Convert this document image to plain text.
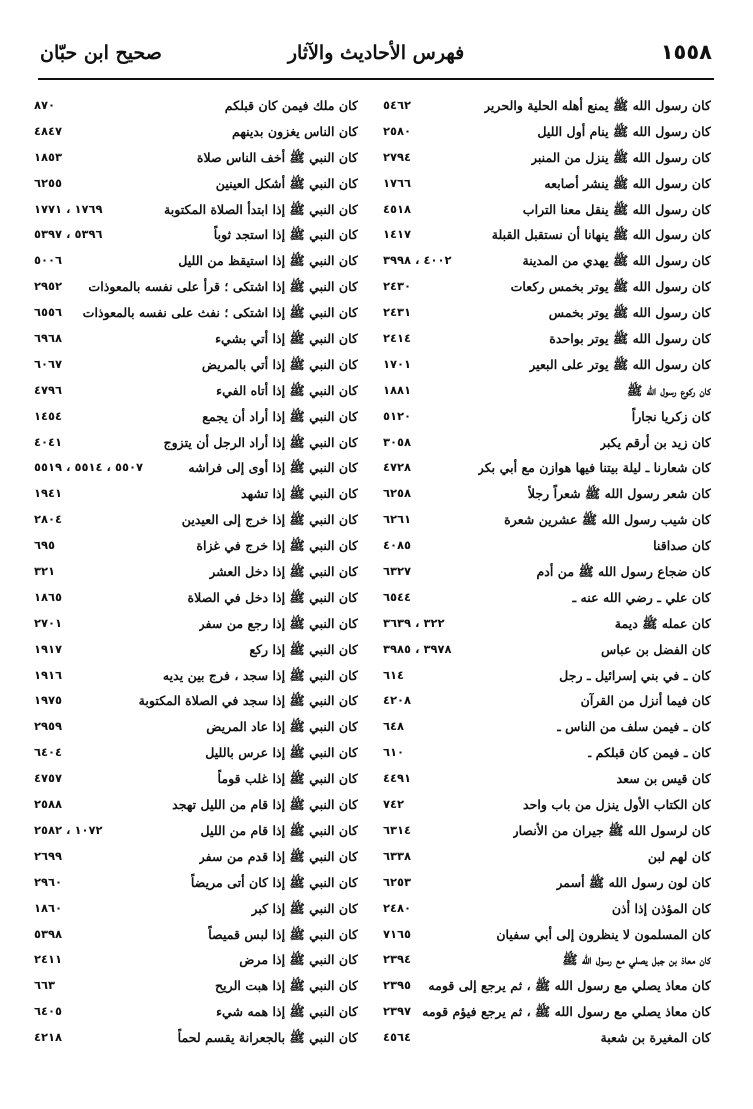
١٥٥٨
فهرس الأحاديث والآثار
صحيح ابن حبّان
كان رسول الله ﷺ يمنع أهله الحلية والحرير
٥٤٦٢
كان رسول الله ﷺ ينام أول الليل
٢٥٨٠
كان رسول الله ﷺ ينزل من المنبر
٢٧٩٤
كان رسول الله ﷺ ينشر أصابعه
١٧٦٦
كان رسول الله ﷺ ينقل معنا التراب
٤٥١٨
كان رسول الله ﷺ ينهانا أن نستقبل القبلة
١٤١٧
كان رسول الله ﷺ يهدي من المدينة
٤٠٠٢ ، ٣٩٩٨
كان رسول الله ﷺ يوتر بخمس ركعات
٢٤٣٠
كان رسول الله ﷺ يوتر بخمس
٢٤٣١
كان رسول الله ﷺ يوتر بواحدة
٢٤١٤
كان رسول الله ﷺ يوتر على البعير
١٧٠١
كان ركوع رسول الله ﷺ
١٨٨١
كان زكريا نجاراً
٥١٢٠
كان زيد بن أرقم يكبر
٣٠٥٨
كان شعارنا ـ ليلة بيتنا فيها هوازن مع أبي بكر
٤٧٢٨
كان شعر رسول الله ﷺ شعراً رجلاً
٦٢٥٨
كان شيب رسول الله ﷺ عشرين شعرة
٦٢٦١
كان صداقنا
٤٠٨٥
كان ضجاع رسول الله ﷺ من أدم
٦٣٢٧
كان علي ـ رضي الله عنه ـ
٦٥٤٤
كان عمله ﷺ ديمة
٣٢٢ ، ٣٦٣٩
كان الفضل بن عباس
٣٩٧٨ ، ٣٩٨٥
كان ـ في بني إسرائيل ـ رجل
٦١٤
كان فيما أنزل من القرآن
٤٢٠٨
كان ـ فيمن سلف من الناس ـ
٦٤٨
كان ـ فيمن كان قبلكم ـ
٦١٠
كان قيس بن سعد
٤٤٩١
كان الكتاب الأول ينزل من باب واحد
٧٤٢
كان لرسول الله ﷺ جيران من الأنصار
٦٣١٤
كان لهم لبن
٦٣٣٨
كان لون رسول الله ﷺ أسمر
٦٢٥٣
كان المؤذن إذا أذن
٢٤٨٠
كان المسلمون لا ينظرون إلى أبي سفيان
٧١٦٥
كان معاذ بن جبل يصلي مع رسول الله ﷺ
٢٣٩٤
كان معاذ يصلي مع رسول الله ﷺ ، ثم يرجع إلى قومه
٢٣٩٥
كان معاذ يصلي مع رسول الله ﷺ ، ثم يرجع فيؤم قومه
٢٣٩٧
كان المغيرة بن شعبة
٤٥٦٤
كان ملك فيمن كان قبلكم
٨٧٠
كان الناس يغزون بدينهم
٤٨٤٧
كان النبي ﷺ أخف الناس صلاة
١٨٥٣
كان النبي ﷺ أشكل العينين
٦٢٥٥
كان النبي ﷺ إذا ابتدأ الصلاة المكتوبة
١٧٦٩ ، ١٧٧١
كان النبي ﷺ إذا استجد ثوباً
٥٣٩٦ ، ٥٣٩٧
كان النبي ﷺ إذا استيقظ من الليل
٥٠٠٦
كان النبي ﷺ إذا اشتكى ؛ قرأ على نفسه بالمعوذات
٢٩٥٢
كان النبي ﷺ إذا اشتكى ؛ نفث على نفسه بالمعوذات
٦٥٥٦
كان النبي ﷺ إذا أتي بشيء
٦٩٦٨
كان النبي ﷺ إذا أتي بالمريض
٦٠٦٧
كان النبي ﷺ إذا أتاه الفيء
٤٧٩٦
كان النبي ﷺ إذا أراد أن يجمع
١٤٥٤
كان النبي ﷺ إذا أراد الرجل أن يتزوج
٤٠٤١
كان النبي ﷺ إذا أوى إلى فراشه
٥٥٠٧ ، ٥٥١٤ ، ٥٥١٩
كان النبي ﷺ إذا تشهد
١٩٤١
كان النبي ﷺ إذا خرج إلى العيدين
٢٨٠٤
كان النبي ﷺ إذا خرج في غزاة
٦٩٥
كان النبي ﷺ إذا دخل العشر
٣٢١
كان النبي ﷺ إذا دخل في الصلاة
١٨٦٥
كان النبي ﷺ إذا رجع من سفر
٢٧٠١
كان النبي ﷺ إذا ركع
١٩١٧
كان النبي ﷺ إذا سجد ، فرج بين يديه
١٩١٦
كان النبي ﷺ إذا سجد في الصلاة المكتوبة
١٩٧٥
كان النبي ﷺ إذا عاد المريض
٢٩٥٩
كان النبي ﷺ إذا عرس بالليل
٦٤٠٤
كان النبي ﷺ إذا غلب قوماً
٤٧٥٧
كان النبي ﷺ إذا قام من الليل تهجد
٢٥٨٨
كان النبي ﷺ إذا قام من الليل
١٠٧٢ ، ٢٥٨٢
كان النبي ﷺ إذا قدم من سفر
٢٦٩٩
كان النبي ﷺ إذا كان أتى مريضاً
٢٩٦٠
كان النبي ﷺ إذا كبر
١٨٦٠
كان النبي ﷺ إذا لبس قميصاً
٥٣٩٨
كان النبي ﷺ إذا مرض
٢٤١١
كان النبي ﷺ إذا هبت الريح
٦٦٣
كان النبي ﷺ إذا همه شيء
٦٤٠٥
كان النبي ﷺ بالجعرانة يقسم لحماً
٤٢١٨
